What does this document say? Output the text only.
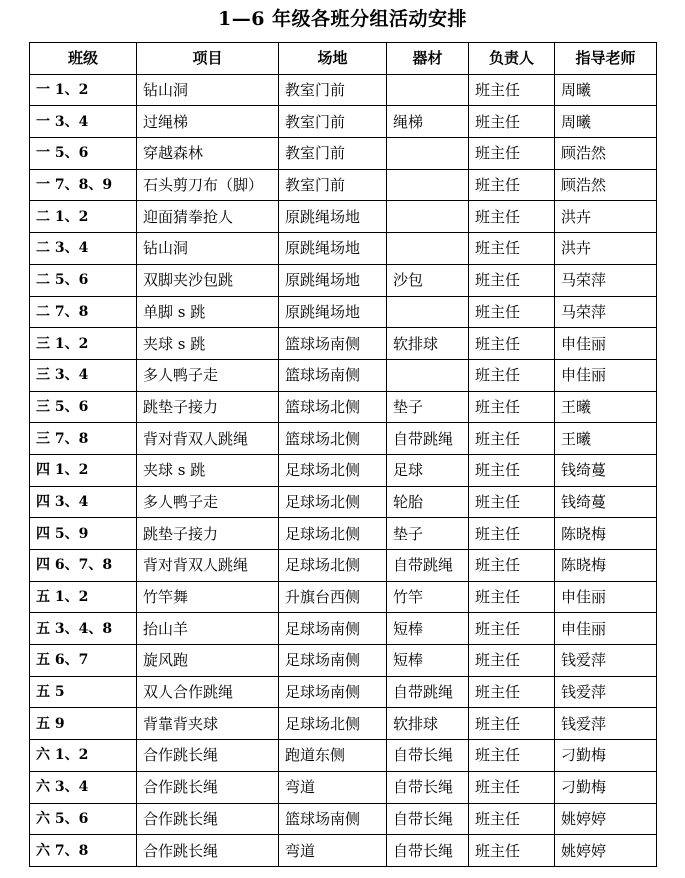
1—6 年级各班分组活动安排
班级	项目	场地	器材	负责人	指导老师
一 1、2	钻山洞	教室门前		班主任	周曦
一 3、4	过绳梯	教室门前	绳梯	班主任	周曦
一 5、6	穿越森林	教室门前		班主任	顾浩然
一 7、8、9	石头剪刀布（脚）	教室门前		班主任	顾浩然
二 1、2	迎面猜拳抢人	原跳绳场地		班主任	洪卉
二 3、4	钻山洞	原跳绳场地		班主任	洪卉
二 5、6	双脚夹沙包跳	原跳绳场地	沙包	班主任	马荣萍
二 7、8	单脚 s 跳	原跳绳场地		班主任	马荣萍
三 1、2	夹球 s 跳	篮球场南侧	软排球	班主任	申佳丽
三 3、4	多人鸭子走	篮球场南侧		班主任	申佳丽
三 5、6	跳垫子接力	篮球场北侧	垫子	班主任	王曦
三 7、8	背对背双人跳绳	篮球场北侧	自带跳绳	班主任	王曦
四 1、2	夹球 s 跳	足球场北侧	足球	班主任	钱绮蔓
四 3、4	多人鸭子走	足球场北侧	轮胎	班主任	钱绮蔓
四 5、9	跳垫子接力	足球场北侧	垫子	班主任	陈晓梅
四 6、7、8	背对背双人跳绳	足球场北侧	自带跳绳	班主任	陈晓梅
五 1、2	竹竿舞	升旗台西侧	竹竿	班主任	申佳丽
五 3、4、8	抬山羊	足球场南侧	短棒	班主任	申佳丽
五 6、7	旋风跑	足球场南侧	短棒	班主任	钱爱萍
五 5	双人合作跳绳	足球场南侧	自带跳绳	班主任	钱爱萍
五 9	背靠背夹球	足球场北侧	软排球	班主任	钱爱萍
六 1、2	合作跳长绳	跑道东侧	自带长绳	班主任	刁勤梅
六 3、4	合作跳长绳	弯道	自带长绳	班主任	刁勤梅
六 5、6	合作跳长绳	篮球场南侧	自带长绳	班主任	姚婷婷
六 7、8	合作跳长绳	弯道	自带长绳	班主任	姚婷婷
